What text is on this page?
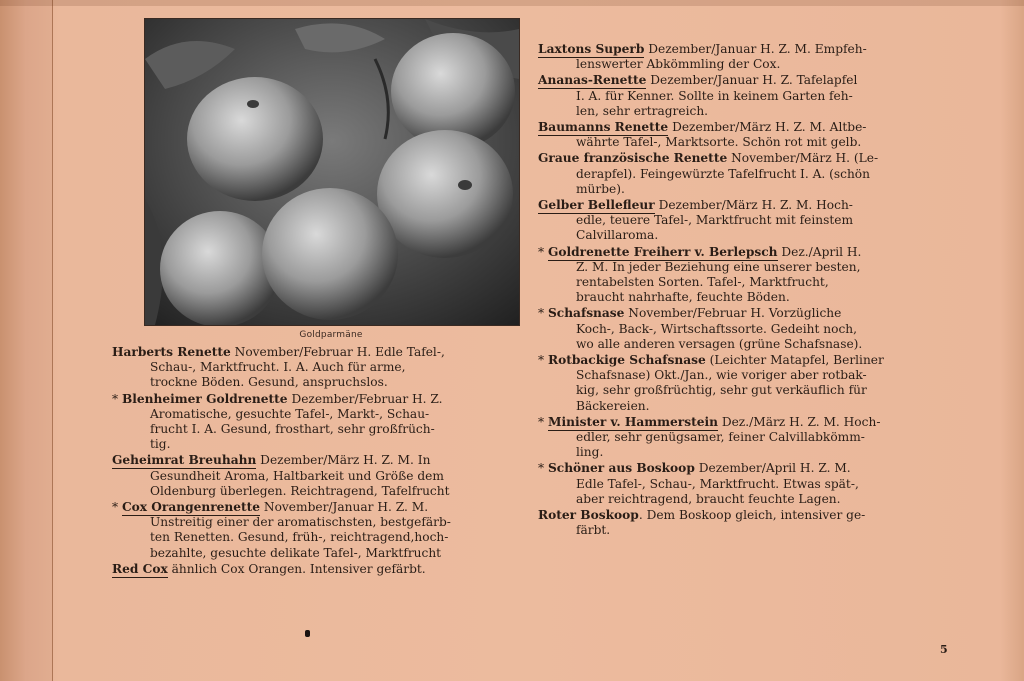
Goldparmäne
Harberts Renette November/Februar H. Edle Tafel-,
Schau-, Marktfrucht. I. A. Auch für arme,
trockne Böden. Gesund, anspruchslos.
* Blenheimer Goldrenette Dezember/Februar H. Z.
Aromatische, gesuchte Tafel-, Markt-, Schau-
frucht I. A. Gesund, frosthart, sehr großfrüch-
tig.
Geheimrat Breuhahn Dezember/März H. Z. M. In
Gesundheit Aroma, Haltbarkeit und Größe dem
Oldenburg überlegen. Reichtragend, Tafelfrucht
* Cox Orangenrenette November/Januar H. Z. M.
Unstreitig einer der aromatischsten, bestgefärb-
ten Renetten. Gesund, früh-, reichtragend,hoch-
bezahlte, gesuchte delikate Tafel-, Marktfrucht
Red Cox ähnlich Cox Orangen. Intensiver gefärbt.
Laxtons Superb Dezember/Januar H. Z. M. Empfeh-
lenswerter Abkömmling der Cox.
Ananas-Renette Dezember/Januar H. Z. Tafelapfel
I. A. für Kenner. Sollte in keinem Garten feh-
len, sehr ertragreich.
Baumanns Renette Dezember/März H. Z. M. Altbe-
währte Tafel-, Marktsorte. Schön rot mit gelb.
Graue französische Renette November/März H. (Le-
derapfel). Feingewürzte Tafelfrucht I. A. (schön
mürbe).
Gelber Bellefleur Dezember/März H. Z. M. Hoch-
edle, teuere Tafel-, Marktfrucht mit feinstem
Calvillaroma.
* Goldrenette Freiherr v. Berlepsch Dez./April H.
Z. M. In jeder Beziehung eine unserer besten,
rentabelsten Sorten. Tafel-, Marktfrucht,
braucht nahrhafte, feuchte Böden.
* Schafsnase November/Februar H. Vorzügliche
Koch-, Back-, Wirtschaftssorte. Gedeiht noch,
wo alle anderen versagen (grüne Schafsnase).
* Rotbackige Schafsnase (Leichter Matapfel, Berliner
Schafsnase) Okt./Jan., wie voriger aber rotbak-
kig, sehr großfrüchtig, sehr gut verkäuflich für
Bäckereien.
* Minister v. Hammerstein Dez./März H. Z. M. Hoch-
edler, sehr genügsamer, feiner Calvillabkömm-
ling.
* Schöner aus Boskoop Dezember/April H. Z. M.
Edle Tafel-, Schau-, Marktfrucht. Etwas spät-,
aber reichtragend, braucht feuchte Lagen.
Roter Boskoop. Dem Boskoop gleich, intensiver ge-
färbt.
5
